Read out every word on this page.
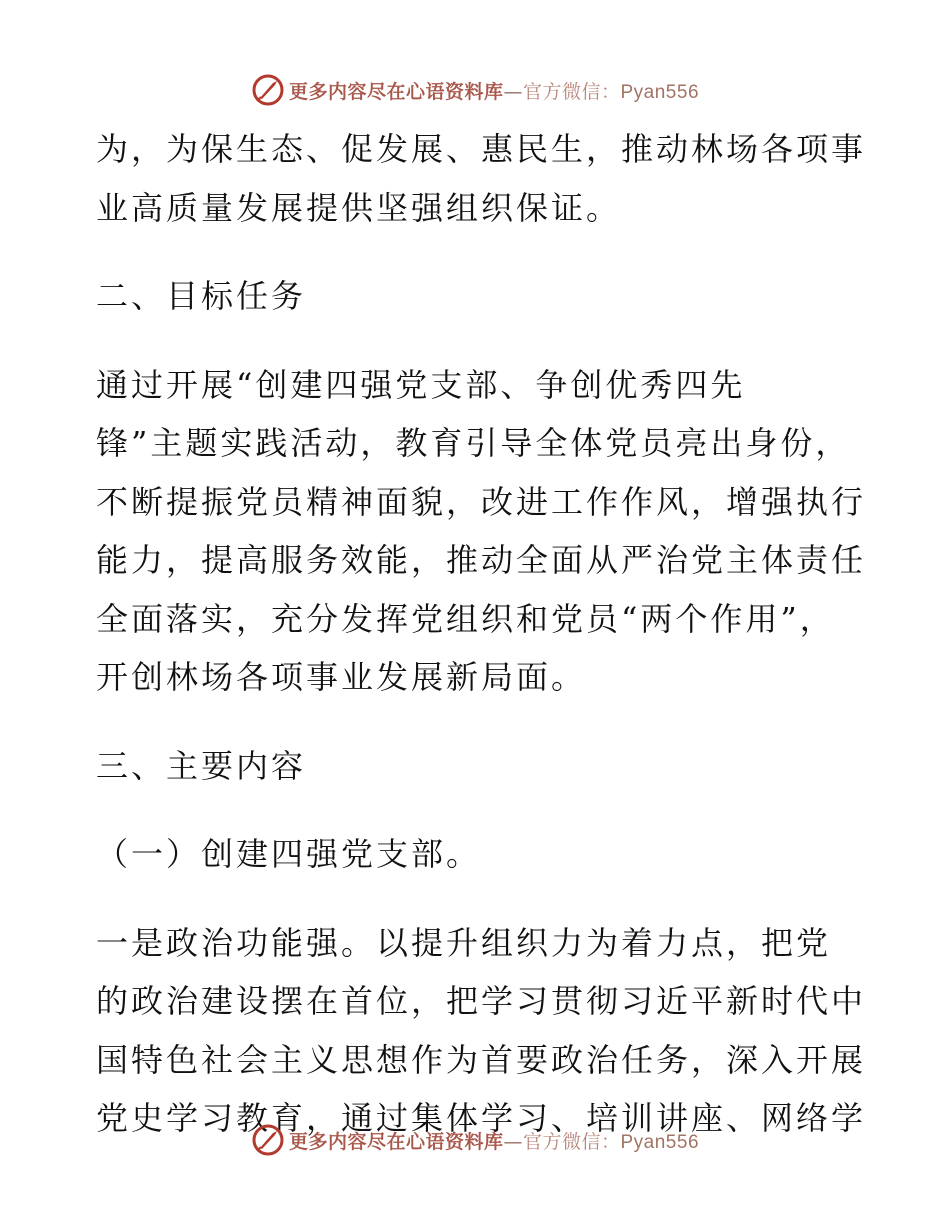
更多内容尽在心语资料库—官方微信：Pyan556
为，为保生态、促发展、惠民生，推动林场各项事
业高质量发展提供坚强组织保证。
二、目标任务
通过开展“创建四强党支部、争创优秀四先
锋”主题实践活动，教育引导全体党员亮出身份，
不断提振党员精神面貌，改进工作作风，增强执行
能力，提高服务效能，推动全面从严治党主体责任
全面落实，充分发挥党组织和党员“两个作用”，
开创林场各项事业发展新局面。
三、主要内容
（一）创建四强党支部。
一是政治功能强。以提升组织力为着力点，把党
的政治建设摆在首位，把学习贯彻习近平新时代中
国特色社会主义思想作为首要政治任务，深入开展
党史学习教育，通过集体学习、培训讲座、网络学
更多内容尽在心语资料库—官方微信：Pyan556
